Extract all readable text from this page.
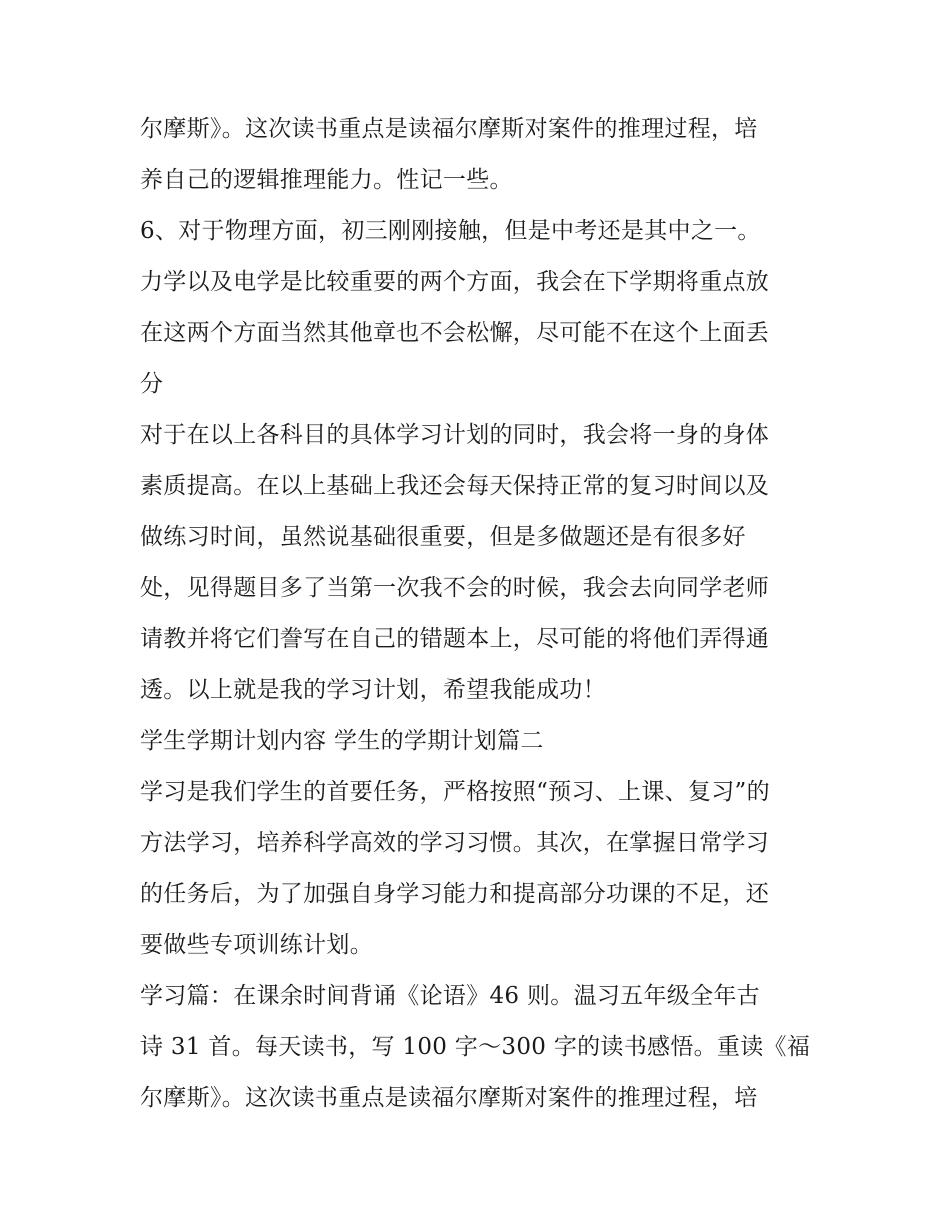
尔摩斯》。这次读书重点是读福尔摩斯对案件的推理过程，培
养自己的逻辑推理能力。性记一些。
6、对于物理方面，初三刚刚接触，但是中考还是其中之一。
力学以及电学是比较重要的两个方面，我会在下学期将重点放
在这两个方面当然其他章也不会松懈，尽可能不在这个上面丢
分
对于在以上各科目的具体学习计划的同时，我会将一身的身体
素质提高。在以上基础上我还会每天保持正常的复习时间以及
做练习时间，虽然说基础很重要，但是多做题还是有很多好
处，见得题目多了当第一次我不会的时候，我会去向同学老师
请教并将它们誊写在自己的错题本上，尽可能的将他们弄得通
透。以上就是我的学习计划，希望我能成功！
学生学期计划内容 学生的学期计划篇二
学习是我们学生的首要任务，严格按照“预习、上课、复习”的
方法学习，培养科学高效的学习习惯。其次，在掌握日常学习
的任务后，为了加强自身学习能力和提高部分功课的不足，还
要做些专项训练计划。
学习篇：在课余时间背诵《论语》46 则。温习五年级全年古
诗 31 首。每天读书，写 100 字～300 字的读书感悟。重读《福
尔摩斯》。这次读书重点是读福尔摩斯对案件的推理过程，培
